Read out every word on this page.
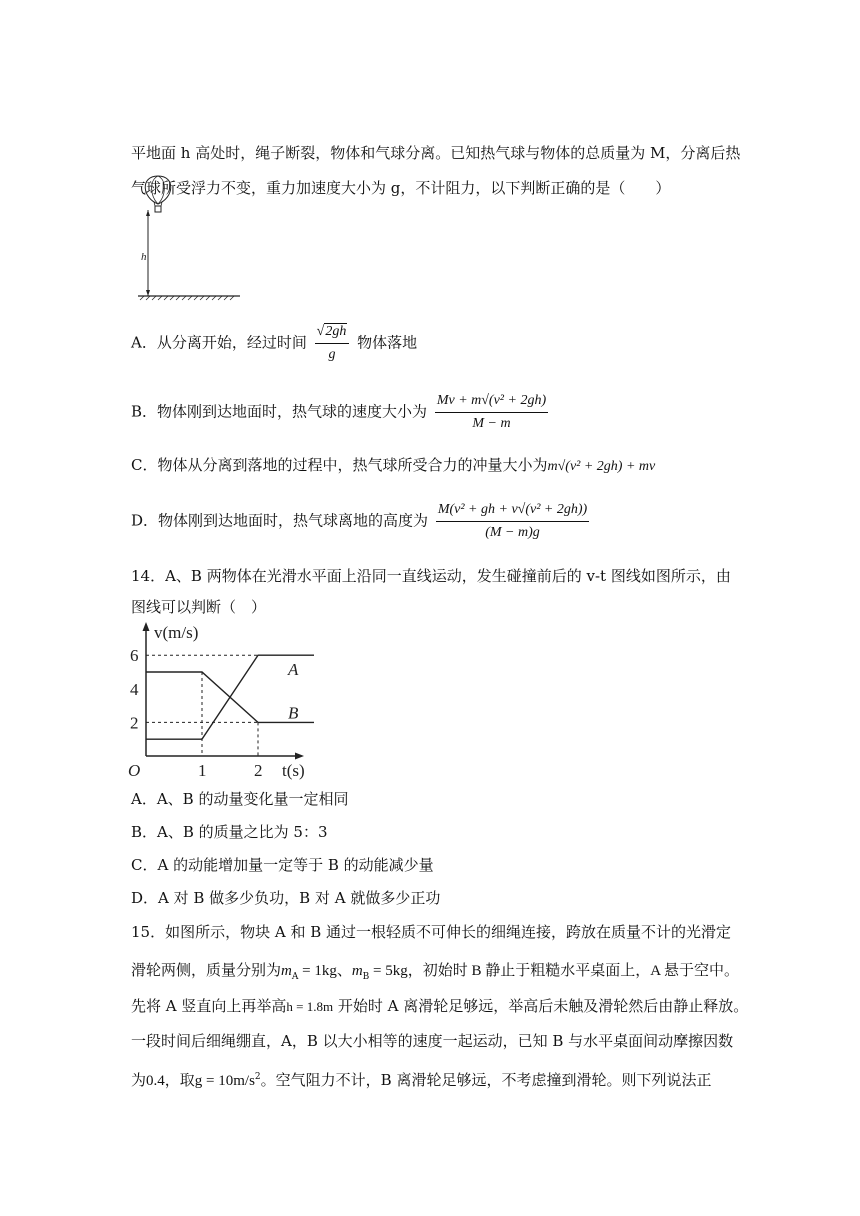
平地面 h 高处时，绳子断裂，物体和气球分离。已知热气球与物体的总质量为 M，分离后热
气球所受浮力不变，重力加速度大小为 g，不计阻力，以下判断正确的是（　　）
h
A．从分离开始，经过时间 $\frac{√2gh}{g}$ 物体落地
B．物体刚到达地面时，热气球的速度大小为 $\frac{\text{Mv + m√(v² + 2gh)}}{M - m}$
C．物体从分离到落地的过程中，热气球所受合力的冲量大小为m√(v² + 2gh) + mv
D．物体刚到达地面时，热气球离地的高度为 $\frac{\text{M(v² + gh + v√(v² + 2gh))}}{(M - m)g}$
14．A、B 两物体在光滑水平面上沿同一直线运动，发生碰撞前后的 v-t 图线如图所示，由
图线可以判断（　）
v(m/s)
t(s)
O
2
4
6
1	2
A
B
A．A、B 的动量变化量一定相同
B．A、B 的质量之比为 5：3
C．A 的动能增加量一定等于 B 的动能减少量
D．A 对 B 做多少负功，B 对 A 就做多少正功
15．如图所示，物块 A 和 B 通过一根轻质不可伸长的细绳连接，跨放在质量不计的光滑定
滑轮两侧，质量分别为$m_A = 1kg$、$m_B = 5kg$，初始时 B 静止于粗糙水平桌面上，A 悬于空中。
先将 A 竖直向上再举高h = 1.8m 开始时 A 离滑轮足够远，举高后未触及滑轮然后由静止释放。
一段时间后细绳绷直，A，B 以大小相等的速度一起运动，已知 B 与水平桌面间动摩擦因数
为0.4，取$g = 10m/s^2$。空气阻力不计，B 离滑轮足够远，不考虑撞到滑轮。则下列说法正
